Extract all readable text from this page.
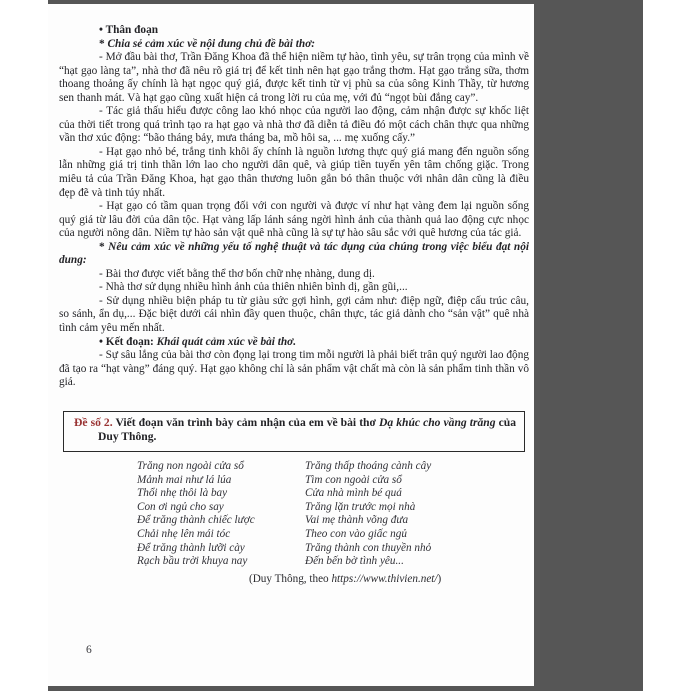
• Thân đoạn

* Chia sẻ cảm xúc về nội dung chủ đề bài thơ:

- Mở đầu bài thơ, Trần Đăng Khoa đã thể hiện niềm tự hào, tình yêu, sự trân trọng của mình về “hạt gạo làng ta”, nhà thơ đã nêu rõ giá trị để kết tinh nên hạt gạo trắng thơm. Hạt gạo trắng sữa, thơm thoang thoảng ấy chính là hạt ngọc quý giá, được kết tinh từ vị phù sa của sông Kinh Thầy, từ hương sen thanh mát. Và hạt gạo cũng xuất hiện cả trong lời ru của mẹ, với đủ “ngọt bùi đắng cay”.

- Tác giả thấu hiểu được công lao khó nhọc của người lao động, cảm nhận được sự khốc liệt của thời tiết trong quá trình tạo ra hạt gạo và nhà thơ đã diễn tả điều đó một cách chân thực qua những vần thơ xúc động: “bão tháng bảy, mưa tháng ba, mồ hôi sa, ... mẹ xuống cấy.”

- Hạt gạo nhỏ bé, trắng tinh khôi ấy chính là nguồn lương thực quý giá mang đến nguồn sống lẫn những giá trị tinh thần lớn lao cho người dân quê, và giúp tiền tuyến yên tâm chống giặc. Trong miêu tả của Trần Đăng Khoa, hạt gạo thân thương luôn gắn bó thân thuộc với nhân dân cũng là điều đẹp đẽ và tinh túy nhất.

- Hạt gạo có tầm quan trọng đối với con người và được ví như hạt vàng đem lại nguồn sống quý giá từ lâu đời của dân tộc. Hạt vàng lấp lánh sáng ngời hình ảnh của thành quả lao động cực nhọc của người nông dân. Niềm tự hào sản vật quê nhà cũng là sự tự hào sâu sắc với quê hương của tác giả.

* Nêu cảm xúc về những yếu tố nghệ thuật và tác dụng của chúng trong việc biểu đạt nội dung:

- Bài thơ được viết bằng thể thơ bốn chữ nhẹ nhàng, dung dị.

- Nhà thơ sử dụng nhiều hình ảnh của thiên nhiên bình dị, gần gũi,...

- Sử dụng nhiều biện pháp tu từ giàu sức gợi hình, gợi cảm như: điệp ngữ, điệp cấu trúc câu, so sánh, ẩn dụ,... Đặc biệt dưới cái nhìn đầy quen thuộc, chân thực, tác giả dành cho “sản vật” quê nhà tình cảm yêu mến nhất.

• Kết đoạn: Khái quát cảm xúc về bài thơ.

- Sự sâu lắng của bài thơ còn đọng lại trong tim mỗi người là phải biết trân quý người lao động đã tạo ra “hạt vàng” đáng quý. Hạt gạo không chỉ là sản phẩm vật chất mà còn là sản phẩm tinh thần vô giá.

Đề số 2. Viết đoạn văn trình bày cảm nhận của em về bài thơ Dạ khúc cho vầng trăng của Duy Thông.

Trăng non ngoài cửa sổ
Mảnh mai như lá lúa
Thổi nhẹ thôi là bay
Con ơi ngủ cho say
Để trăng thành chiếc lược
Chải nhẹ lên mái tóc
Để trăng thành lưỡi cày
Rạch bầu trời khuya nay
Trăng thấp thoáng cành cây
Tìm con ngoài cửa sổ
Cửa nhà mình bé quá
Trăng lặn trước mọi nhà
Vai mẹ thành võng đưa
Theo con vào giấc ngủ
Trăng thành con thuyền nhỏ
Đến bến bờ tình yêu...
(Duy Thông, theo https://www.thivien.net/)
6
